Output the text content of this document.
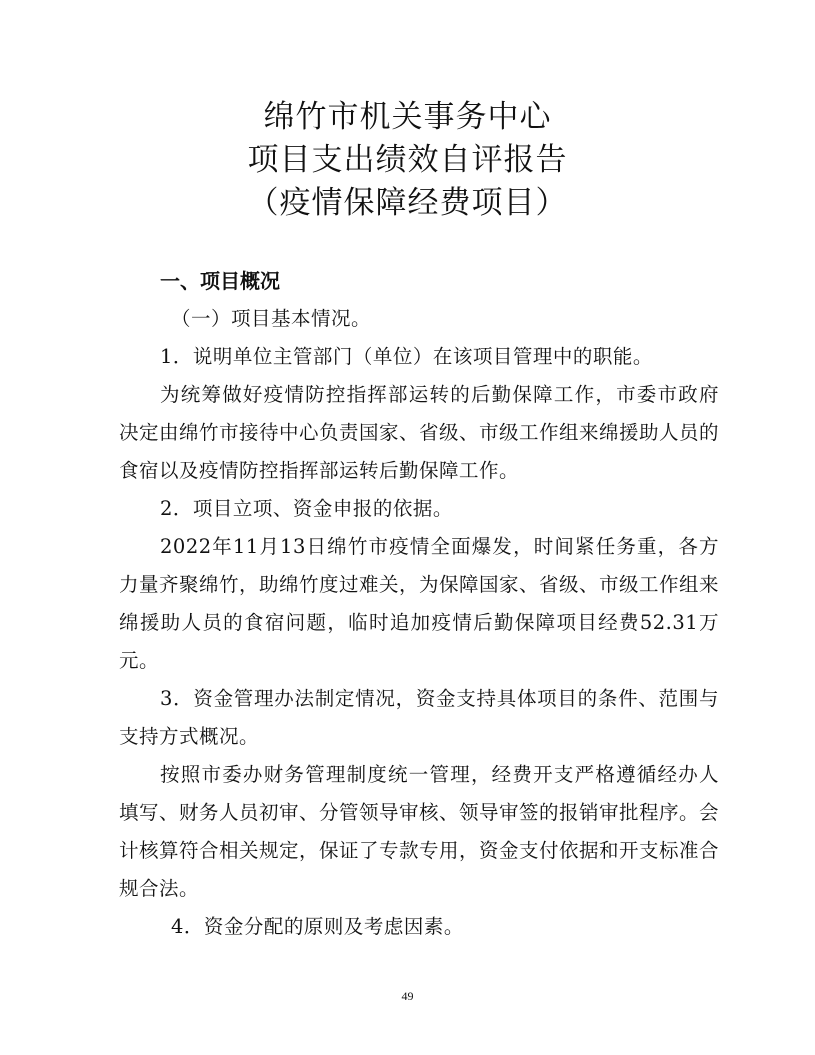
绵竹市机关事务中心
项目支出绩效自评报告
（疫情保障经费项目）
一、项目概况
（一）项目基本情况。
1．说明单位主管部门（单位）在该项目管理中的职能。
为统筹做好疫情防控指挥部运转的后勤保障工作，市委市政府决定由绵竹市接待中心负责国家、省级、市级工作组来绵援助人员的食宿以及疫情防控指挥部运转后勤保障工作。
2．项目立项、资金申报的依据。
2022年11月13日绵竹市疫情全面爆发，时间紧任务重，各方力量齐聚绵竹，助绵竹度过难关，为保障国家、省级、市级工作组来绵援助人员的食宿问题，临时追加疫情后勤保障项目经费52.31万元。
3．资金管理办法制定情况，资金支持具体项目的条件、范围与支持方式概况。
按照市委办财务管理制度统一管理，经费开支严格遵循经办人填写、财务人员初审、分管领导审核、领导审签的报销审批程序。会计核算符合相关规定，保证了专款专用，资金支付依据和开支标准合规合法。
4．资金分配的原则及考虑因素。
49
